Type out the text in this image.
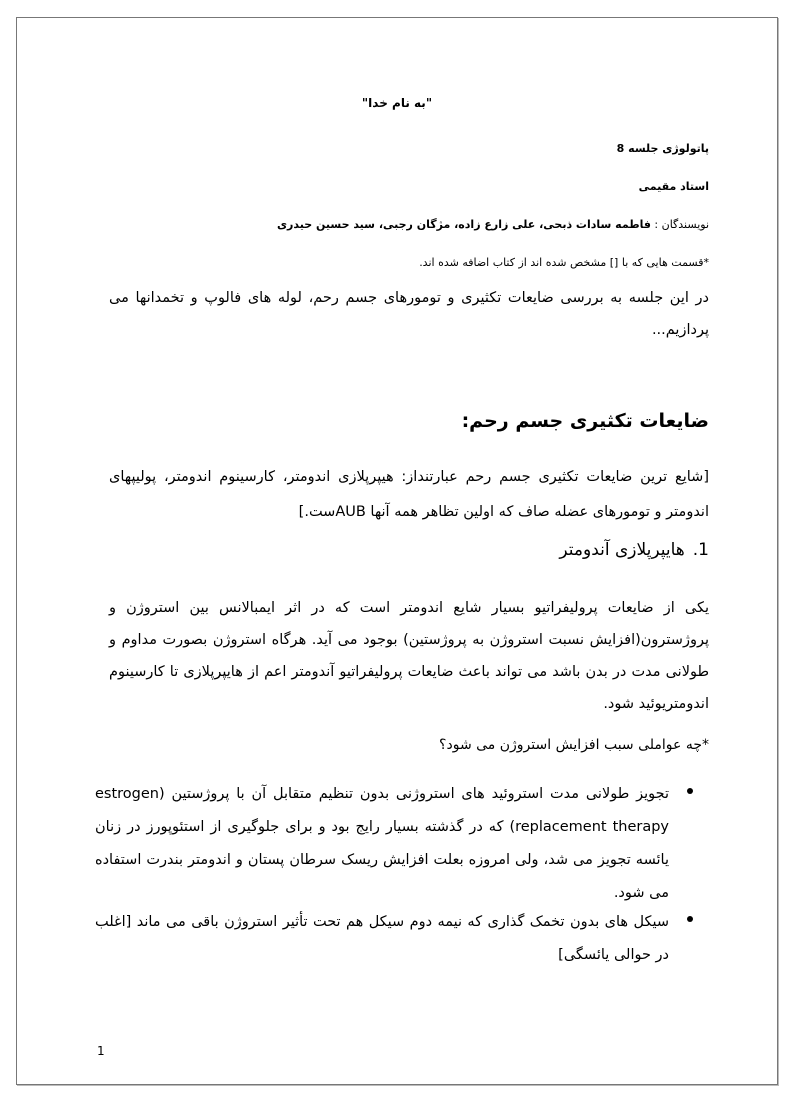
"به نام خدا"
پاتولوژی جلسه 8
استاد مقیمی
نویسندگان : فاطمه سادات ذبحی، علی زارع زاده، مژگان رجبی، سید حسین حیدری
*قسمت هایی که با [] مشخص شده اند از کتاب اضافه شده اند.
در این جلسه به بررسی ضایعات تکثیری و تومورهای جسم رحم، لوله های فالوپ و تخمدانها می پردازیم...
ضایعات تکثیری جسم رحم:
[شایع ترین ضایعات تکثیری جسم رحم عبارتنداز: هیپرپلازی اندومتر، کارسینوم اندومتر، پولیپهای اندومتر و تومورهای عضله صاف که اولین تظاهر همه آنها AUBست.]
1.هایپرپلازی آندومتر
یکی از ضایعات پرولیفراتیو بسیار شایع اندومتر است که در اثر ایمبالانس بین استروژن و پروژسترون(افزایش نسبت استروژن به پروژستین) بوجود می آید. هرگاه استروژن بصورت مداوم و طولانی مدت در بدن باشد می تواند باعث ضایعات پرولیفراتیو آندومتر اعم از هایپرپلازی تا کارسینوم اندومتریوئید شود.
*چه عواملی سبب افزایش استروژن می شود؟
تجویز طولانی مدت استروئید های استروژنی بدون تنظیم متقابل آن با پروژستین (estrogen replacement therapy) که در گذشته بسیار رایج بود و برای جلوگیری از استئوپورز در زنان یائسه تجویز می شد، ولی امروزه بعلت افزایش ریسک سرطان پستان و اندومتر بندرت استفاده می شود.
سیکل های بدون تخمک گذاری که نیمه دوم سیکل هم تحت تأثیر استروژن باقی می ماند [اغلب در حوالی یائسگی]
1
